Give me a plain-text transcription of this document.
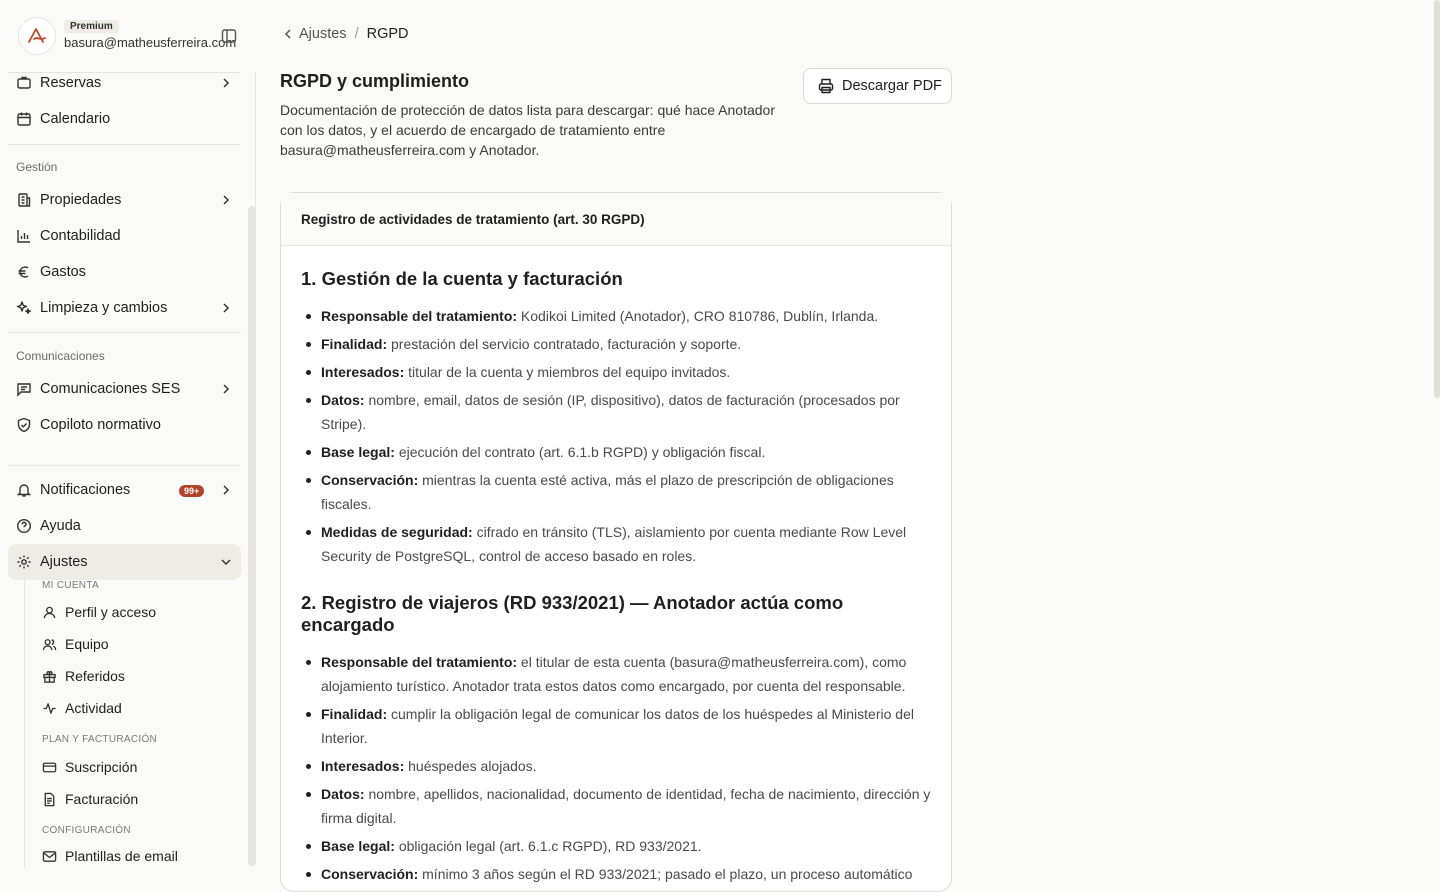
Reservas
Premium
basura@matheusferreira.com
Calendario
Gestión
Propiedades
Contabilidad
Gastos
Limpieza y cambios
Comunicaciones
Comunicaciones SES
Copiloto normativo
Notificaciones	99+
Ayuda
Ajustes
MI CUENTA
Perfil y acceso
Equipo
Referidos
Actividad
PLAN Y FACTURACIÓN
Suscripción
Facturación
CONFIGURACIÓN
Plantillas de email
Ajustes / RGPD
RGPD y cumplimiento

Documentación de protección de datos lista para descargar: qué hace Anotador con los datos, y el acuerdo de encargado de tratamiento entre basura@matheusferreira.com y Anotador.

Descargar PDF
Registro de actividades de tratamiento (art. 30 RGPD)
1. Gestión de la cuenta y facturación
Responsable del tratamiento: Kodikoi Limited (Anotador), CRO 810786, Dublín, Irlanda.
Finalidad: prestación del servicio contratado, facturación y soporte.
Interesados: titular de la cuenta y miembros del equipo invitados.
Datos: nombre, email, datos de sesión (IP, dispositivo), datos de facturación (procesados por Stripe).
Base legal: ejecución del contrato (art. 6.1.b RGPD) y obligación fiscal.
Conservación: mientras la cuenta esté activa, más el plazo de prescripción de obligaciones fiscales.
Medidas de seguridad: cifrado en tránsito (TLS), aislamiento por cuenta mediante Row Level Security de PostgreSQL, control de acceso basado en roles.
2. Registro de viajeros (RD 933/2021) — Anotador actúa como encargado
Responsable del tratamiento: el titular de esta cuenta (basura@matheusferreira.com), como alojamiento turístico. Anotador trata estos datos como encargado, por cuenta del responsable.
Finalidad: cumplir la obligación legal de comunicar los datos de los huéspedes al Ministerio del Interior.
Interesados: huéspedes alojados.
Datos: nombre, apellidos, nacionalidad, documento de identidad, fecha de nacimiento, dirección y firma digital.
Base legal: obligación legal (art. 6.1.c RGPD), RD 933/2021.
Conservación: mínimo 3 años según el RD 933/2021; pasado el plazo, un proceso automático
